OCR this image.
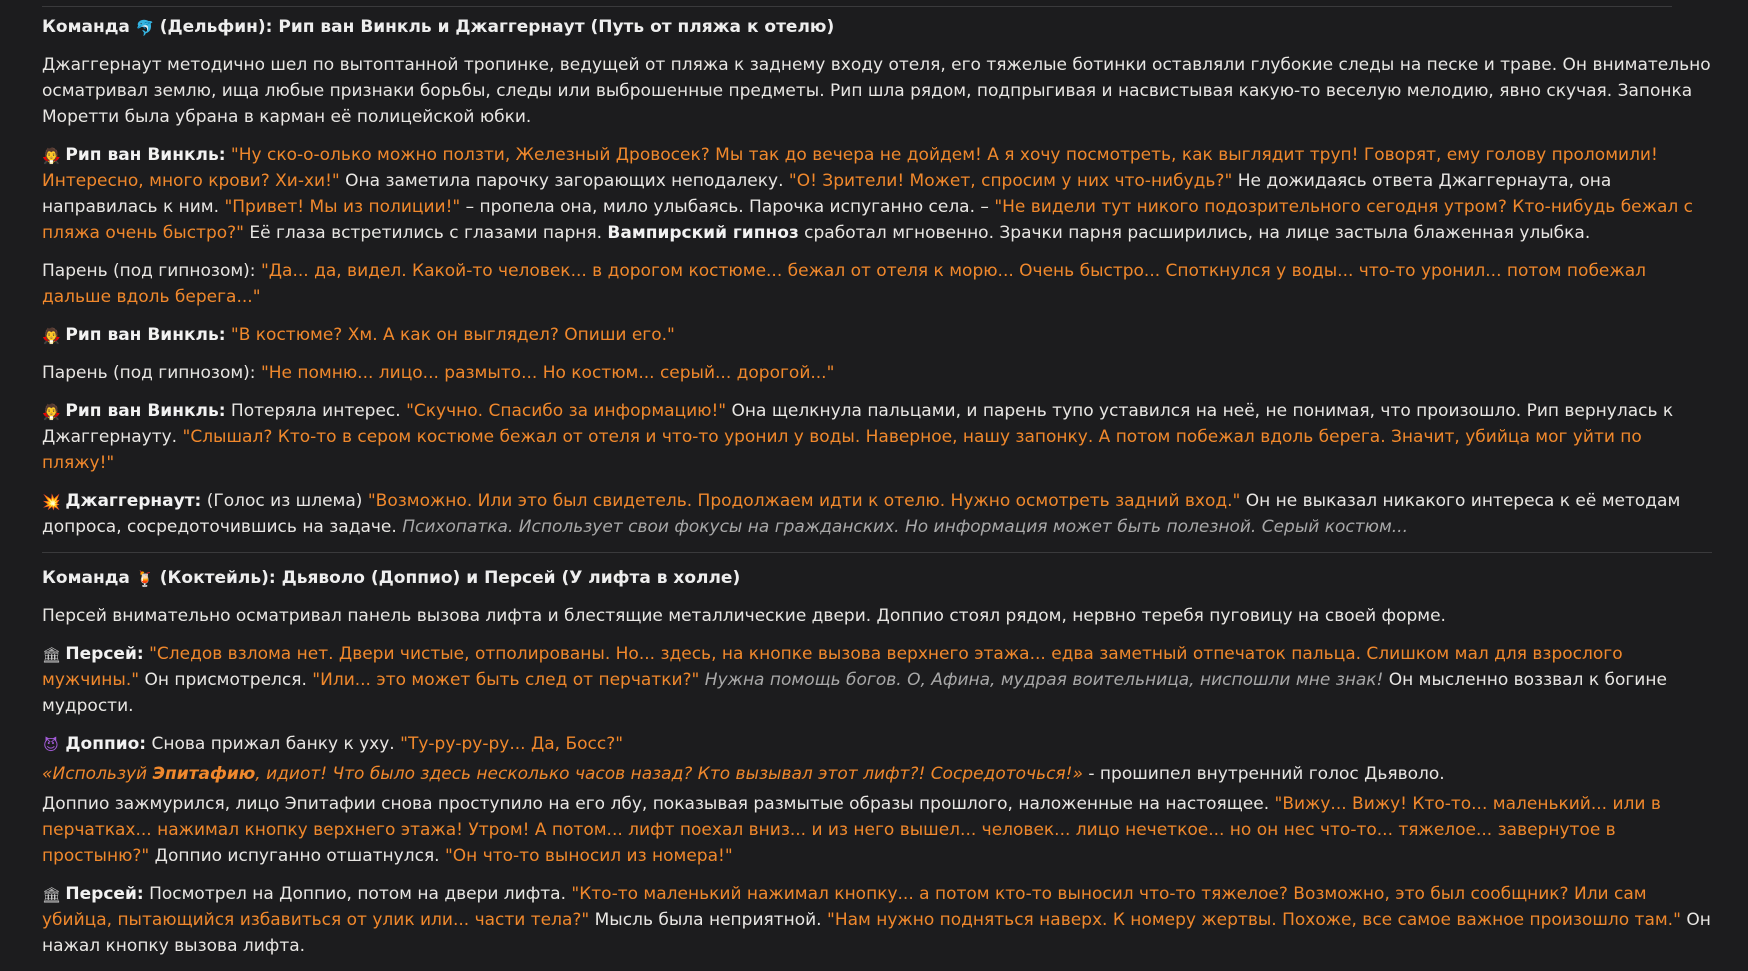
Команда 🐬 (Дельфин): Рип ван Винкль и Джаггернаут (Путь от пляжа к отелю)

Джаггернаут методично шел по вытоптанной тропинке, ведущей от пляжа к заднему входу отеля, его тяжелые ботинки оставляли глубокие следы на песке и траве. Он внимательно осматривал землю, ища любые признаки борьбы, следы или выброшенные предметы. Рип шла рядом, подпрыгивая и насвистывая какую-то веселую мелодию, явно скучая. Запонка Моретти была убрана в карман её полицейской юбки.

🧛 Рип ван Винкль: "Ну ско-о-олько можно ползти, Железный Дровосек? Мы так до вечера не дойдем! А я хочу посмотреть, как выглядит труп! Говорят, ему голову проломили! Интересно, много крови? Хи-хи!" Она заметила парочку загорающих неподалеку. "О! Зрители! Может, спросим у них что-нибудь?" Не дожидаясь ответа Джаггернаута, она направилась к ним. "Привет! Мы из полиции!" – пропела она, мило улыбаясь. Парочка испуганно села. – "Не видели тут никого подозрительного сегодня утром? Кто-нибудь бежал с пляжа очень быстро?" Её глаза встретились с глазами парня. Вампирский гипноз сработал мгновенно. Зрачки парня расширились, на лице застыла блаженная улыбка.

Парень (под гипнозом): "Да... да, видел. Какой-то человек... в дорогом костюме... бежал от отеля к морю... Очень быстро... Споткнулся у воды... что-то уронил... потом побежал дальше вдоль берега..."

🧛 Рип ван Винкль: "В костюме? Хм. А как он выглядел? Опиши его."

Парень (под гипнозом): "Не помню... лицо... размыто... Но костюм... серый... дорогой..."

🧛 Рип ван Винкль: Потеряла интерес. "Скучно. Спасибо за информацию!" Она щелкнула пальцами, и парень тупо уставился на неё, не понимая, что произошло. Рип вернулась к Джаггернауту. "Слышал? Кто-то в сером костюме бежал от отеля и что-то уронил у воды. Наверное, нашу запонку. А потом побежал вдоль берега. Значит, убийца мог уйти по пляжу!"

💥 Джаггернаут: (Голос из шлема) "Возможно. Или это был свидетель. Продолжаем идти к отелю. Нужно осмотреть задний вход." Он не выказал никакого интереса к её методам допроса, сосредоточившись на задаче. Психопатка. Использует свои фокусы на гражданских. Но информация может быть полезной. Серый костюм...

Команда 🍹 (Коктейль): Дьяволо (Доппио) и Персей (У лифта в холле)

Персей внимательно осматривал панель вызова лифта и блестящие металлические двери. Доппио стоял рядом, нервно теребя пуговицу на своей форме.

🏛 Персей: "Следов взлома нет. Двери чистые, отполированы. Но... здесь, на кнопке вызова верхнего этажа... едва заметный отпечаток пальца. Слишком мал для взрослого мужчины." Он присмотрелся. "Или... это может быть след от перчатки?" Нужна помощь богов. О, Афина, мудрая воительница, ниспошли мне знак! Он мысленно воззвал к богине мудрости.

😈 Доппио: Снова прижал банку к уху. "Ту-ру-ру-ру... Да, Босс?"

«Используй Эпитафию, идиот! Что было здесь несколько часов назад? Кто вызывал этот лифт?! Сосредоточься!» - прошипел внутренний голос Дьяволо.

Доппио зажмурился, лицо Эпитафии снова проступило на его лбу, показывая размытые образы прошлого, наложенные на настоящее. "Вижу... Вижу! Кто-то... маленький... или в перчатках... нажимал кнопку верхнего этажа! Утром! А потом... лифт поехал вниз... и из него вышел... человек... лицо нечеткое... но он нес что-то... тяжелое... завернутое в простыню?" Доппио испуганно отшатнулся. "Он что-то выносил из номера!"

🏛 Персей: Посмотрел на Доппио, потом на двери лифта. "Кто-то маленький нажимал кнопку... а потом кто-то выносил что-то тяжелое? Возможно, это был сообщник? Или сам убийца, пытающийся избавиться от улик или... части тела?" Мысль была неприятной. "Нам нужно подняться наверх. К номеру жертвы. Похоже, все самое важное произошло там." Он нажал кнопку вызова лифта.
